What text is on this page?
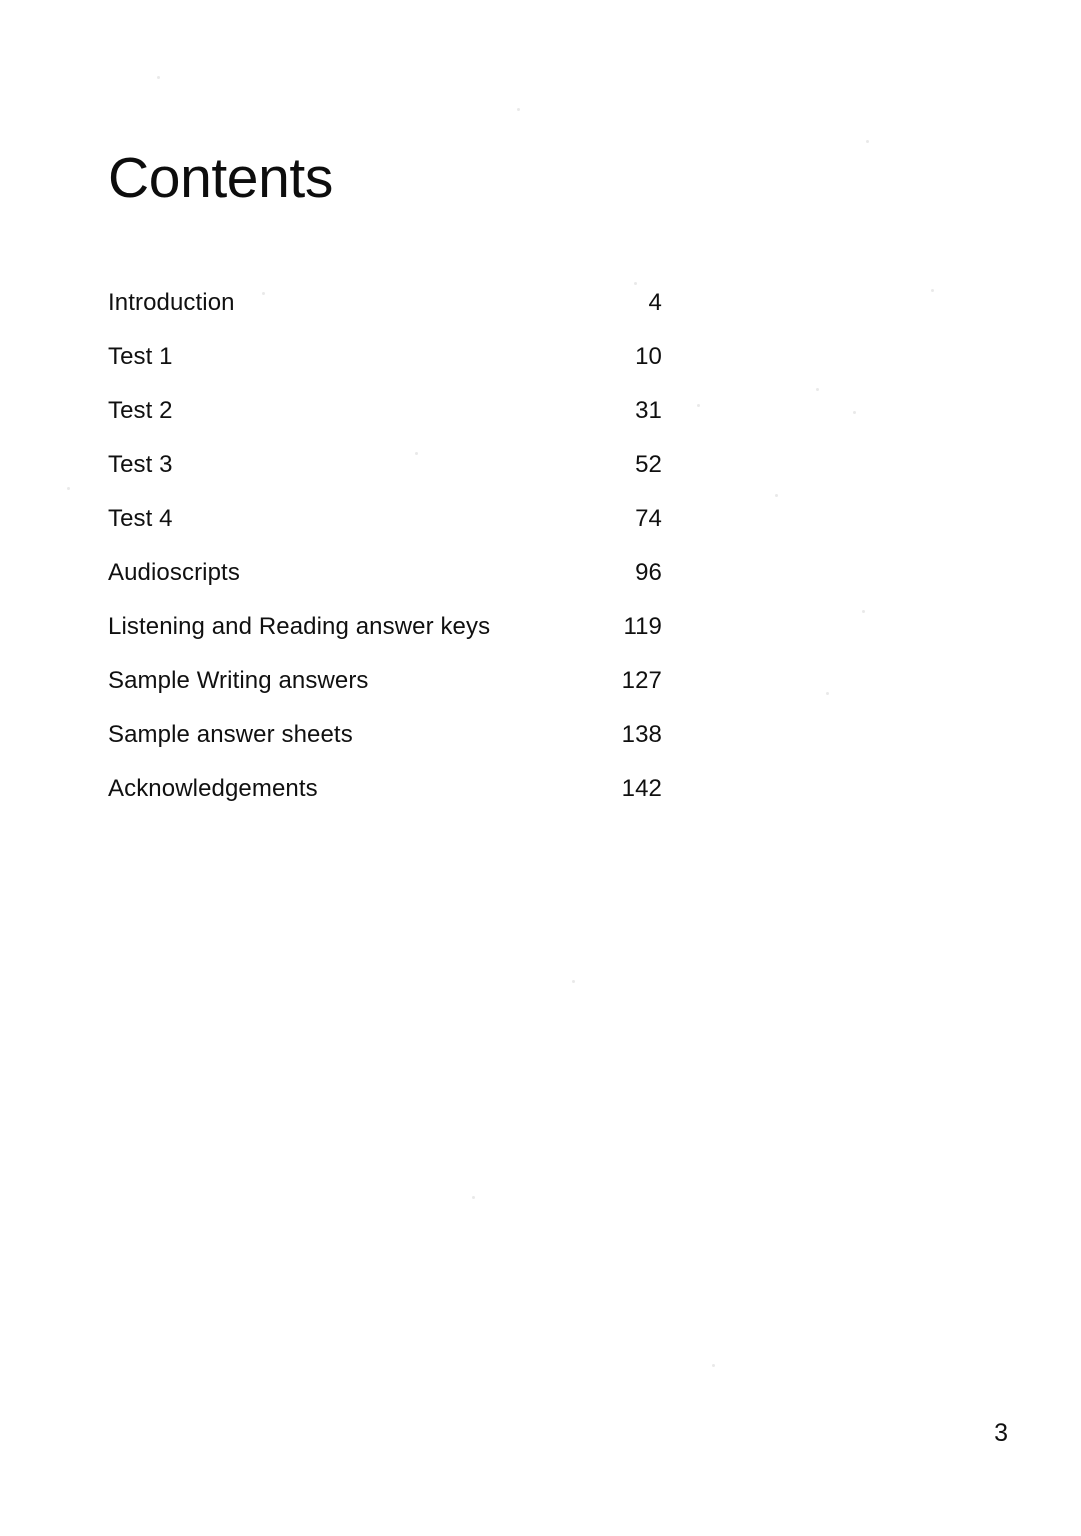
Contents
Introduction	4
Test 1	10
Test 2	31
Test 3	52
Test 4	74
Audioscripts	96
Listening and Reading answer keys	119
Sample Writing answers	127
Sample answer sheets	138
Acknowledgements	142
3
